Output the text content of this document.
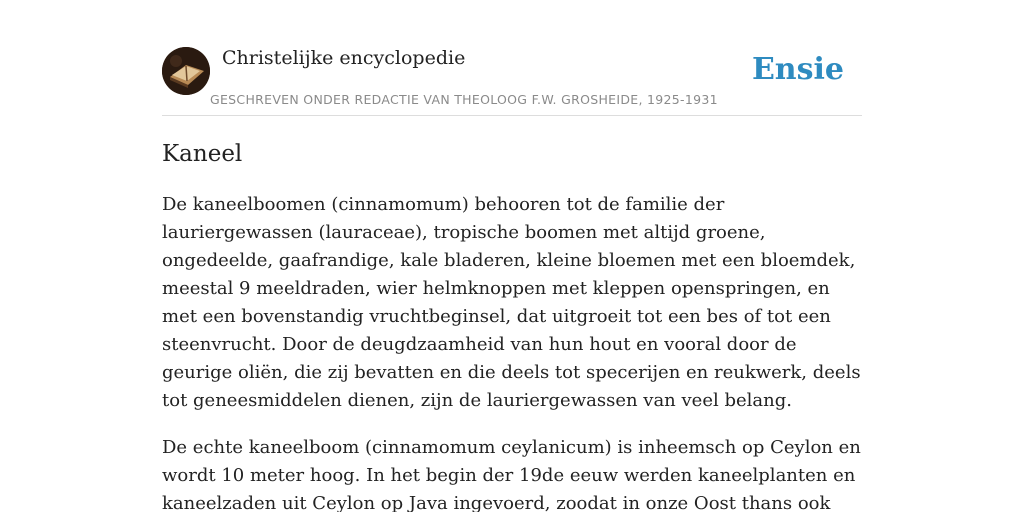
Christelijke encyclopedie
GESCHREVEN ONDER REDACTIE VAN THEOLOOG F.W. GROSHEIDE, 1925-1931
Ensie
Kaneel

De kaneelboomen (cinnamomum) behooren tot de familie der lauriergewassen (lauraceae), tropische boomen met altijd groene, ongedeelde, gaafrandige, kale bladeren, kleine bloemen met een bloemdek, meestal 9 meeldraden, wier helmknoppen met kleppen openspringen, en met een bovenstandig vruchtbeginsel, dat uitgroeit tot een bes of tot een steenvrucht. Door de deugdzaamheid van hun hout en vooral door de geurige oliën, die zij bevatten en die deels tot specerijen en reukwerk, deels tot geneesmiddelen dienen, zijn de lauriergewassen van veel belang.

De echte kaneelboom (cinnamomum ceylanicum) is inheemsch op Ceylon en wordt 10 meter hoog. In het begin der 19de eeuw werden kaneelplanten en kaneelzaden uit Ceylon op Java ingevoerd, zoodat in onze Oost thans ook
